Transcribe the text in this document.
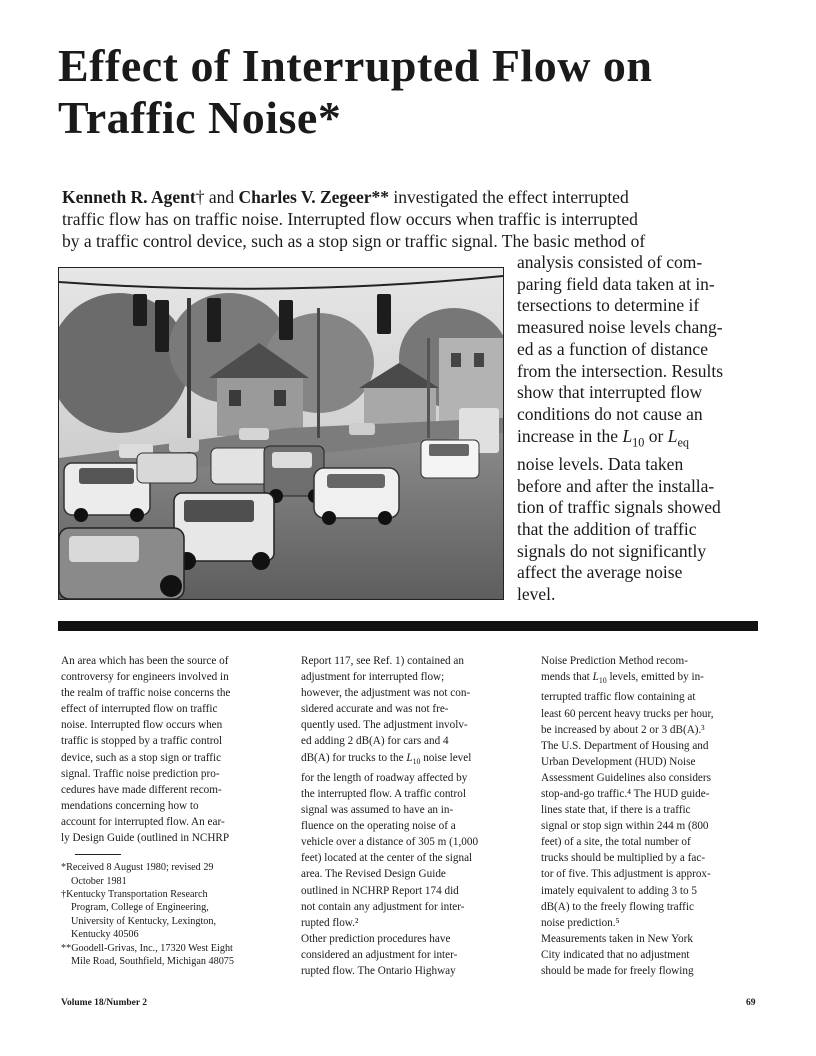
Effect of Interrupted Flow on
Traffic Noise*
Kenneth R. Agent† and Charles V. Zegeer** investigated the effect interrupted
traffic flow has on traffic noise. Interrupted flow occurs when traffic is interrupted
by a traffic control device, such as a stop sign or traffic signal. The basic method of
analysis consisted of com-
paring field data taken at in-
tersections to determine if
measured noise levels chang-
ed as a function of distance
from the intersection. Results
show that interrupted flow
conditions do not cause an
increase in the $L_{10}$ or $L_{eq}$
noise levels. Data taken
before and after the installa-
tion of traffic signals showed
that the addition of traffic
signals do not significantly
affect the average noise
level.
An area which has been the source of
controversy for engineers involved in
the realm of traffic noise concerns the
effect of interrupted flow on traffic
noise. Interrupted flow occurs when
traffic is stopped by a traffic control
device, such as a stop sign or traffic
signal. Traffic noise prediction pro-
cedures have made different recom-
mendations concerning how to
account for interrupted flow. An ear-
ly Design Guide (outlined in NCHRP
*Received 8 August 1980; revised 29
October 1981
†Kentucky Transportation Research
Program, College of Engineering,
University of Kentucky, Lexington,
Kentucky 40506
**Goodell-Grivas, Inc., 17320 West Eight
Mile Road, Southfield, Michigan 48075
Report 117, see Ref. 1) contained an
adjustment for interrupted flow;
however, the adjustment was not con-
sidered accurate and was not fre-
quently used. The adjustment involv-
ed adding 2 dB(A) for cars and 4
dB(A) for trucks to the $L_{10}$ noise level
for the length of roadway affected by
the interrupted flow. A traffic control
signal was assumed to have an in-
fluence on the operating noise of a
vehicle over a distance of 305 m (1,000
feet) located at the center of the signal
area. The Revised Design Guide
outlined in NCHRP Report 174 did
not contain any adjustment for inter-
rupted flow.²
Other prediction procedures have
considered an adjustment for inter-
rupted flow. The Ontario Highway
Noise Prediction Method recom-
mends that $L_{10}$ levels, emitted by in-
terrupted traffic flow containing at
least 60 percent heavy trucks per hour,
be increased by about 2 or 3 dB(A).³
The U.S. Department of Housing and
Urban Development (HUD) Noise
Assessment Guidelines also considers
stop-and-go traffic.⁴ The HUD guide-
lines state that, if there is a traffic
signal or stop sign within 244 m (800
feet) of a site, the total number of
trucks should be multiplied by a fac-
tor of five. This adjustment is approx-
imately equivalent to adding 3 to 5
dB(A) to the freely flowing traffic
noise prediction.⁵
Measurements taken in New York
City indicated that no adjustment
should be made for freely flowing
Volume 18/Number 2	69
